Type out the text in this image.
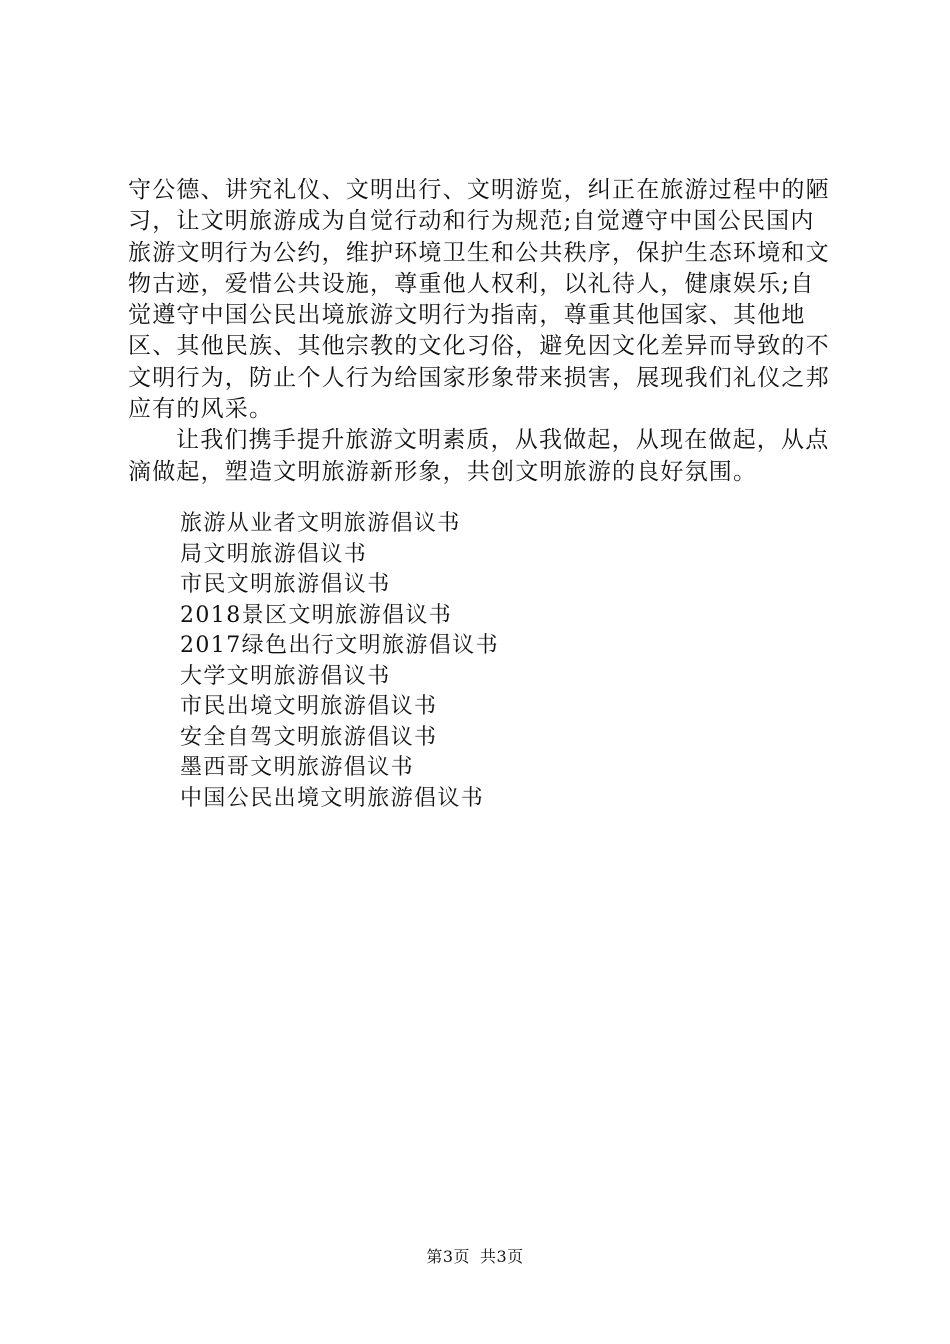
守公德、讲究礼仪、文明出行、文明游览，纠正在旅游过程中的陋习，让文明旅游成为自觉行动和行为规范;自觉遵守中国公民国内旅游文明行为公约，维护环境卫生和公共秩序，保护生态环境和文物古迹，爱惜公共设施，尊重他人权利，以礼待人，健康娱乐;自觉遵守中国公民出境旅游文明行为指南，尊重其他国家、其他地区、其他民族、其他宗教的文化习俗，避免因文化差异而导致的不文明行为，防止个人行为给国家形象带来损害，展现我们礼仪之邦应有的风采。

让我们携手提升旅游文明素质，从我做起，从现在做起，从点滴做起，塑造文明旅游新形象，共创文明旅游的良好氛围。

旅游从业者文明旅游倡议书
局文明旅游倡议书
市民文明旅游倡议书
2018景区文明旅游倡议书
2017绿色出行文明旅游倡议书
大学文明旅游倡议书
市民出境文明旅游倡议书
安全自驾文明旅游倡议书
墨西哥文明旅游倡议书
中国公民出境文明旅游倡议书
第3页 共3页
